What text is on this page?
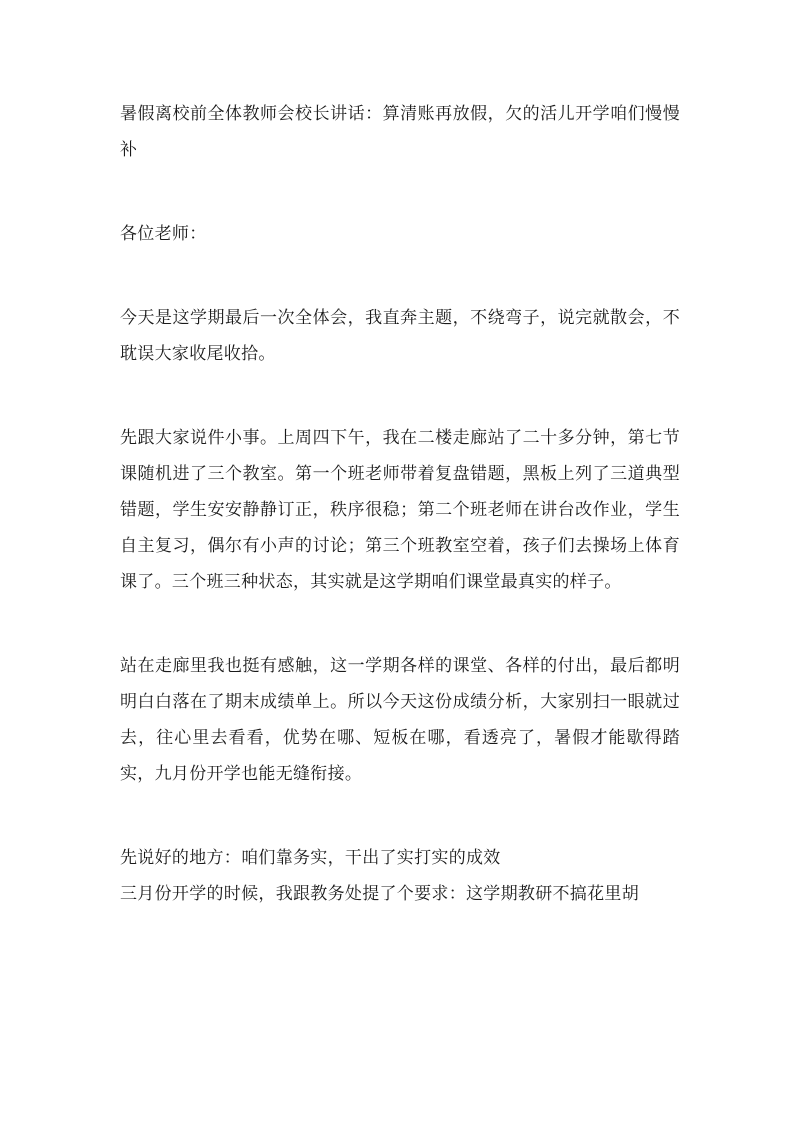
暑假离校前全体教师会校长讲话：算清账再放假，欠的活儿开学咱们慢慢补

各位老师：

今天是这学期最后一次全体会，我直奔主题，不绕弯子，说完就散会，不耽误大家收尾收拾。

先跟大家说件小事。上周四下午，我在二楼走廊站了二十多分钟，第七节课随机进了三个教室。第一个班老师带着复盘错题，黑板上列了三道典型错题，学生安安静静订正，秩序很稳；第二个班老师在讲台改作业，学生自主复习，偶尔有小声的讨论；第三个班教室空着，孩子们去操场上体育课了。三个班三种状态，其实就是这学期咱们课堂最真实的样子。

站在走廊里我也挺有感触，这一学期各样的课堂、各样的付出，最后都明明白白落在了期末成绩单上。所以今天这份成绩分析，大家别扫一眼就过去，往心里去看看，优势在哪、短板在哪，看透亮了，暑假才能歇得踏实，九月份开学也能无缝衔接。

先说好的地方：咱们靠务实，干出了实打实的成效

三月份开学的时候，我跟教务处提了个要求：这学期教研不搞花里胡
